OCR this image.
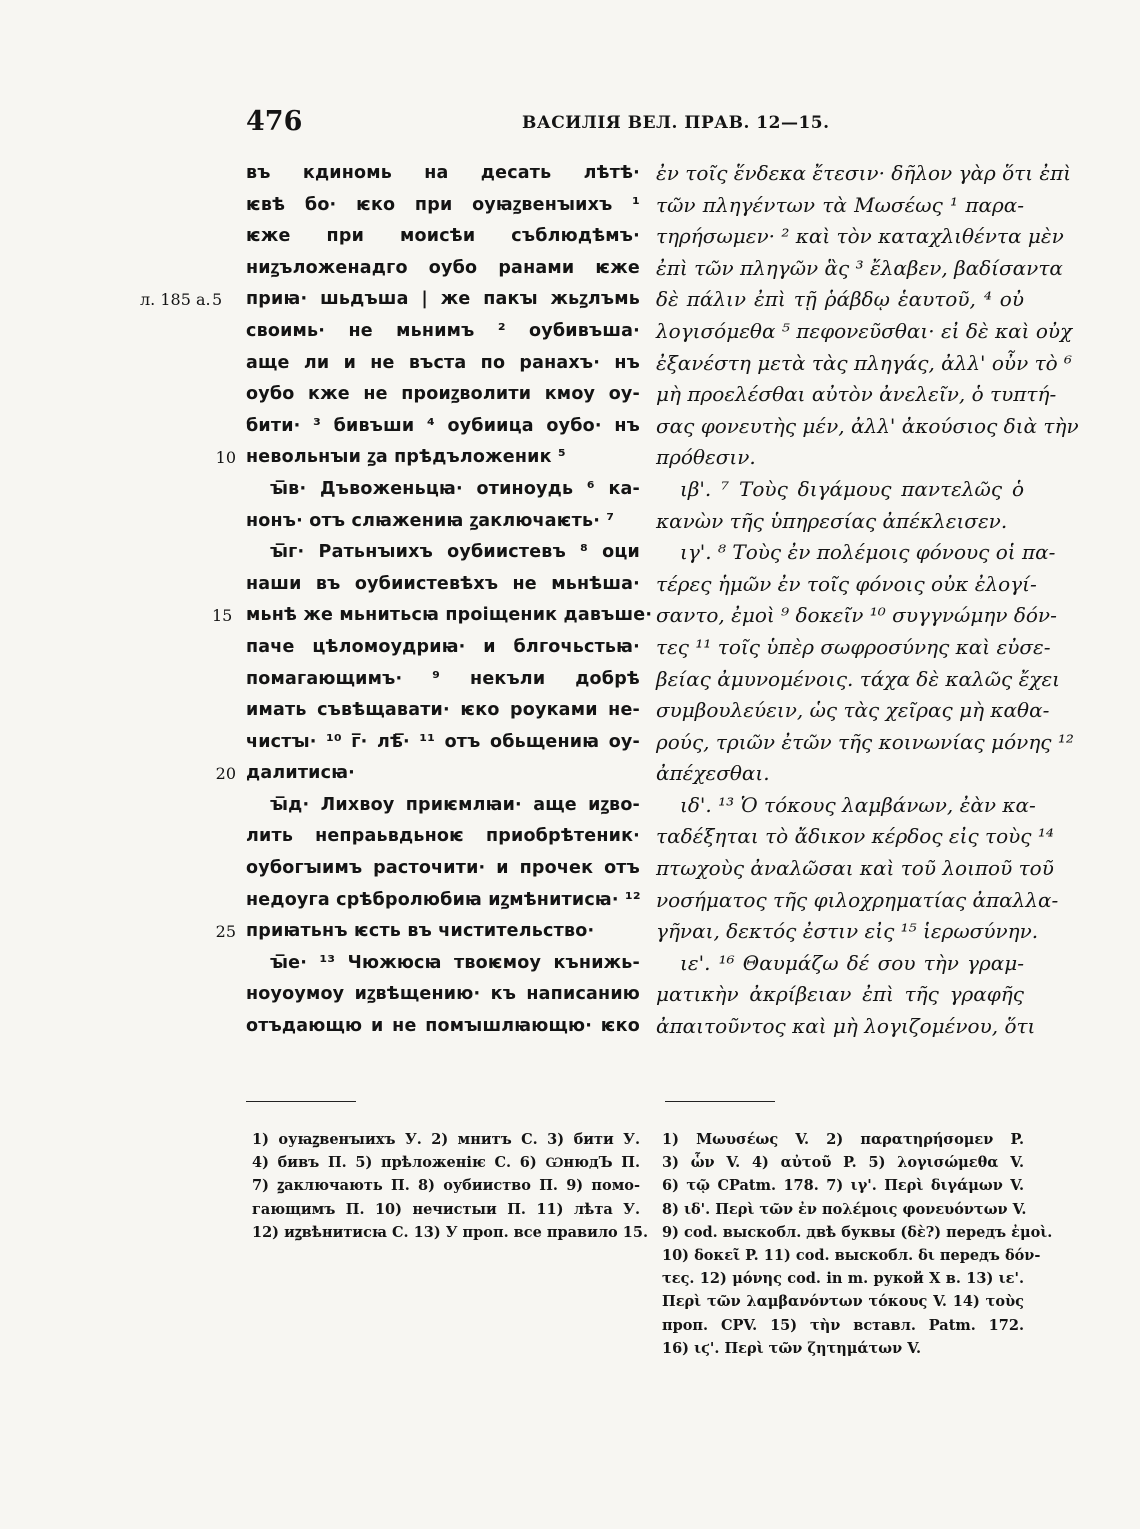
476	ВАСИЛІЯ ВЕЛ. ПРАВ. 12—15.
въ кдиномь на десать лѣтѣ·
ѥвѣ бо· ѥко при оуꙗꙁвенꙑихъ ¹
ѥже при моисѣи съблюдѣмъ·
ниꙁъложенадго оубо ранами ѥже
приꙗ· шьдъша | же пакꙑ жьꙁлъмь
5
л. 185 а.
своимь· не мьнимъ ² оубивъша·
аще ли и не въста по ранахъ· нъ
оубо кже не проиꙁволити кмоу оу-
бити· ³ бивъши ⁴ оубиица оубо· нъ
невольнꙑи ꙁа прѣдъложеник ⁵
10
ꙑ̅в· Дъвоженьцꙗ· отиноудь ⁶ ка-
нонъ· отъ слꙗжениꙗ ꙁаключаѥть· ⁷
ꙑ̅г· Ратьнꙑихъ оубиистевъ ⁸ оци
наши въ оубиистевѣхъ не мьнѣша·
мьнѣ же мьнитьсꙗ проіщеник давъше·
15
паче цѣломоудриꙗ· и блгочьстьꙗ·
помагающимъ· ⁹ некъли добрѣ
имать съвѣщавати· ѥко роуками не-
чистꙑ· ¹⁰ г̅· лѣ̅· ¹¹ отъ обьщениꙗ оу-
далитисꙗ·
20
ꙑ̅д· Лихвоу приѥмлꙗи· аще иꙁво-
лить непраьвдьноѥ приобрѣтеник·
оубогꙑимъ расточити· и прочек отъ
недоуга срѣбролюбиꙗ иꙁмѣнитисꙗ· ¹²
приꙗтьнъ ѥсть въ чистительство·
25
ꙑ̅е· ¹³ Чюжюсꙗ твоѥмоу кънижь-
ноуоумоу иꙁвѣщению· къ написанию
отъдающю и не помꙑшлꙗющю· ѥко
ἐν τοῖς ἕνδεκα ἔτεσιν· δῆλον γὰρ ὅτι ἐπὶ
τῶν πληγέντων τὰ Μωσέως ¹ παρα-
τηρήσωμεν· ² καὶ τὸν καταχλιθέντα μὲν
ἐπὶ τῶν πληγῶν ἃς ³ ἔλαβεν, βαδίσαντα
δὲ πάλιν ἐπὶ τῇ ῥάβδῳ ἑαυτοῦ, ⁴ οὐ
λογισόμεθα ⁵ πεφονεῦσθαι· εἰ δὲ καὶ οὐχ
ἐξανέστη μετὰ τὰς πληγάς, ἀλλ' οὖν τὸ ⁶
μὴ προελέσθαι αὐτὸν ἀνελεῖν, ὁ τυπτή-
σας φονευτὴς μέν, ἀλλ' ἀκούσιος διὰ τὴν
πρόθεσιν.
ιβ'. ⁷ Τοὺς διγάμους παντελῶς ὁ
κανὼν τῆς ὑπηρεσίας ἀπέκλεισεν.
ιγ'. ⁸ Τοὺς ἐν πολέμοις φόνους οἱ πα-
τέρες ἡμῶν ἐν τοῖς φόνοις οὐκ ἐλογί-
σαντο, ἐμοὶ ⁹ δοκεῖν ¹⁰ συγγνώμην δόν-
τες ¹¹ τοῖς ὑπὲρ σωφροσύνης καὶ εὐσε-
βείας ἀμυνομένοις. τάχα δὲ καλῶς ἔχει
συμβουλεύειν, ὡς τὰς χεῖρας μὴ καθα-
ρούς, τριῶν ἐτῶν τῆς κοινωνίας μόνης ¹²
ἀπέχεσθαι.
ιδ'. ¹³ Ὁ τόκους λαμβάνων, ἐὰν κα-
ταδέξηται τὸ ἄδικον κέρδος εἰς τοὺς ¹⁴
πτωχοὺς ἀναλῶσαι καὶ τοῦ λοιποῦ τοῦ
νοσήματος τῆς φιλοχρηματίας ἀπαλλα-
γῆναι, δεκτός ἐστιν εἰς ¹⁵ ἱερωσύνην.
ιε'. ¹⁶ Θαυμάζω δέ σου τὴν γραμ-
ματικὴν ἀκρίβειαν ἐπὶ τῆς γραφῆς
ἀπαιτοῦντος καὶ μὴ λογιζομένου, ὅτι
1) оуꙗꙁвенꙑихъ У. 2) мнитъ С. 3) бити У.
4) бивъ П. 5) прѣложеніѥ С. 6) ѠнюдЪ П.
7) ꙁаключають П. 8) оубииство П. 9) помо-
гающимъ П. 10) нечистыи П. 11) лѣта У.
12) иꙁвѣнитисꙗ С. 13) У проп. все правило 15.
1) Μωυσέως V. 2) παρατηρήσομεν P.
3) ὧν V. 4) αὐτοῦ P. 5) λογισώμεθα V.
6) τῷ CPatm. 178. 7) ιγ'. Περὶ διγάμων V.
8) ιδ'. Περὶ τῶν ἐν πολέμοις φονευόντων V.
9) cod. выскобл. двѣ буквы (δὲ?) передъ ἐμοὶ.
10) δοκεῖ P. 11) cod. выскобл. δι передъ δόν-
τες. 12) μόνης cod. in m. рукой X в. 13) ιε'.
Περὶ τῶν λαμβανόντων τόκους V. 14) τοὺς
проп. CPV. 15) τὴν вставл. Patm. 172.
16) ιϛ'. Περὶ τῶν ζητημάτων V.
